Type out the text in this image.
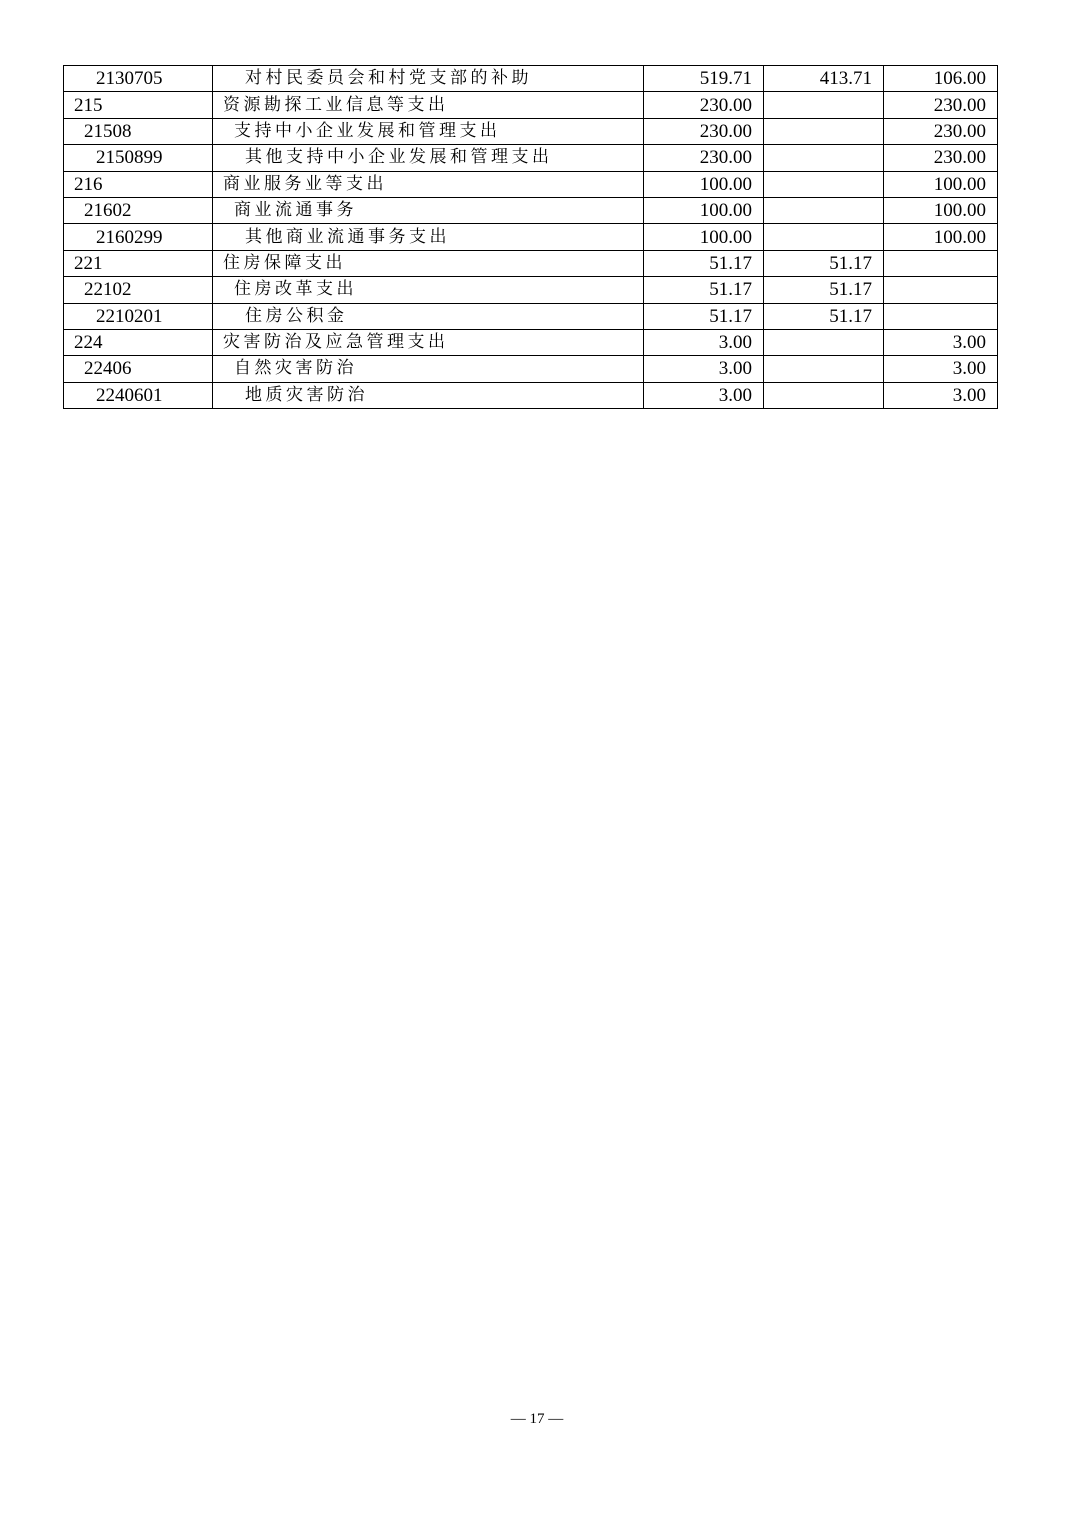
2130705	对村民委员会和村党支部的补助	519.71	413.71	106.00
215	资源勘探工业信息等支出	230.00		230.00
21508	支持中小企业发展和管理支出	230.00		230.00
2150899	其他支持中小企业发展和管理支出	230.00		230.00
216	商业服务业等支出	100.00		100.00
21602	商业流通事务	100.00		100.00
2160299	其他商业流通事务支出	100.00		100.00
221	住房保障支出	51.17	51.17	
22102	住房改革支出	51.17	51.17	
2210201	住房公积金	51.17	51.17	
224	灾害防治及应急管理支出	3.00		3.00
22406	自然灾害防治	3.00		3.00
2240601	地质灾害防治	3.00		3.00
— 17 —
